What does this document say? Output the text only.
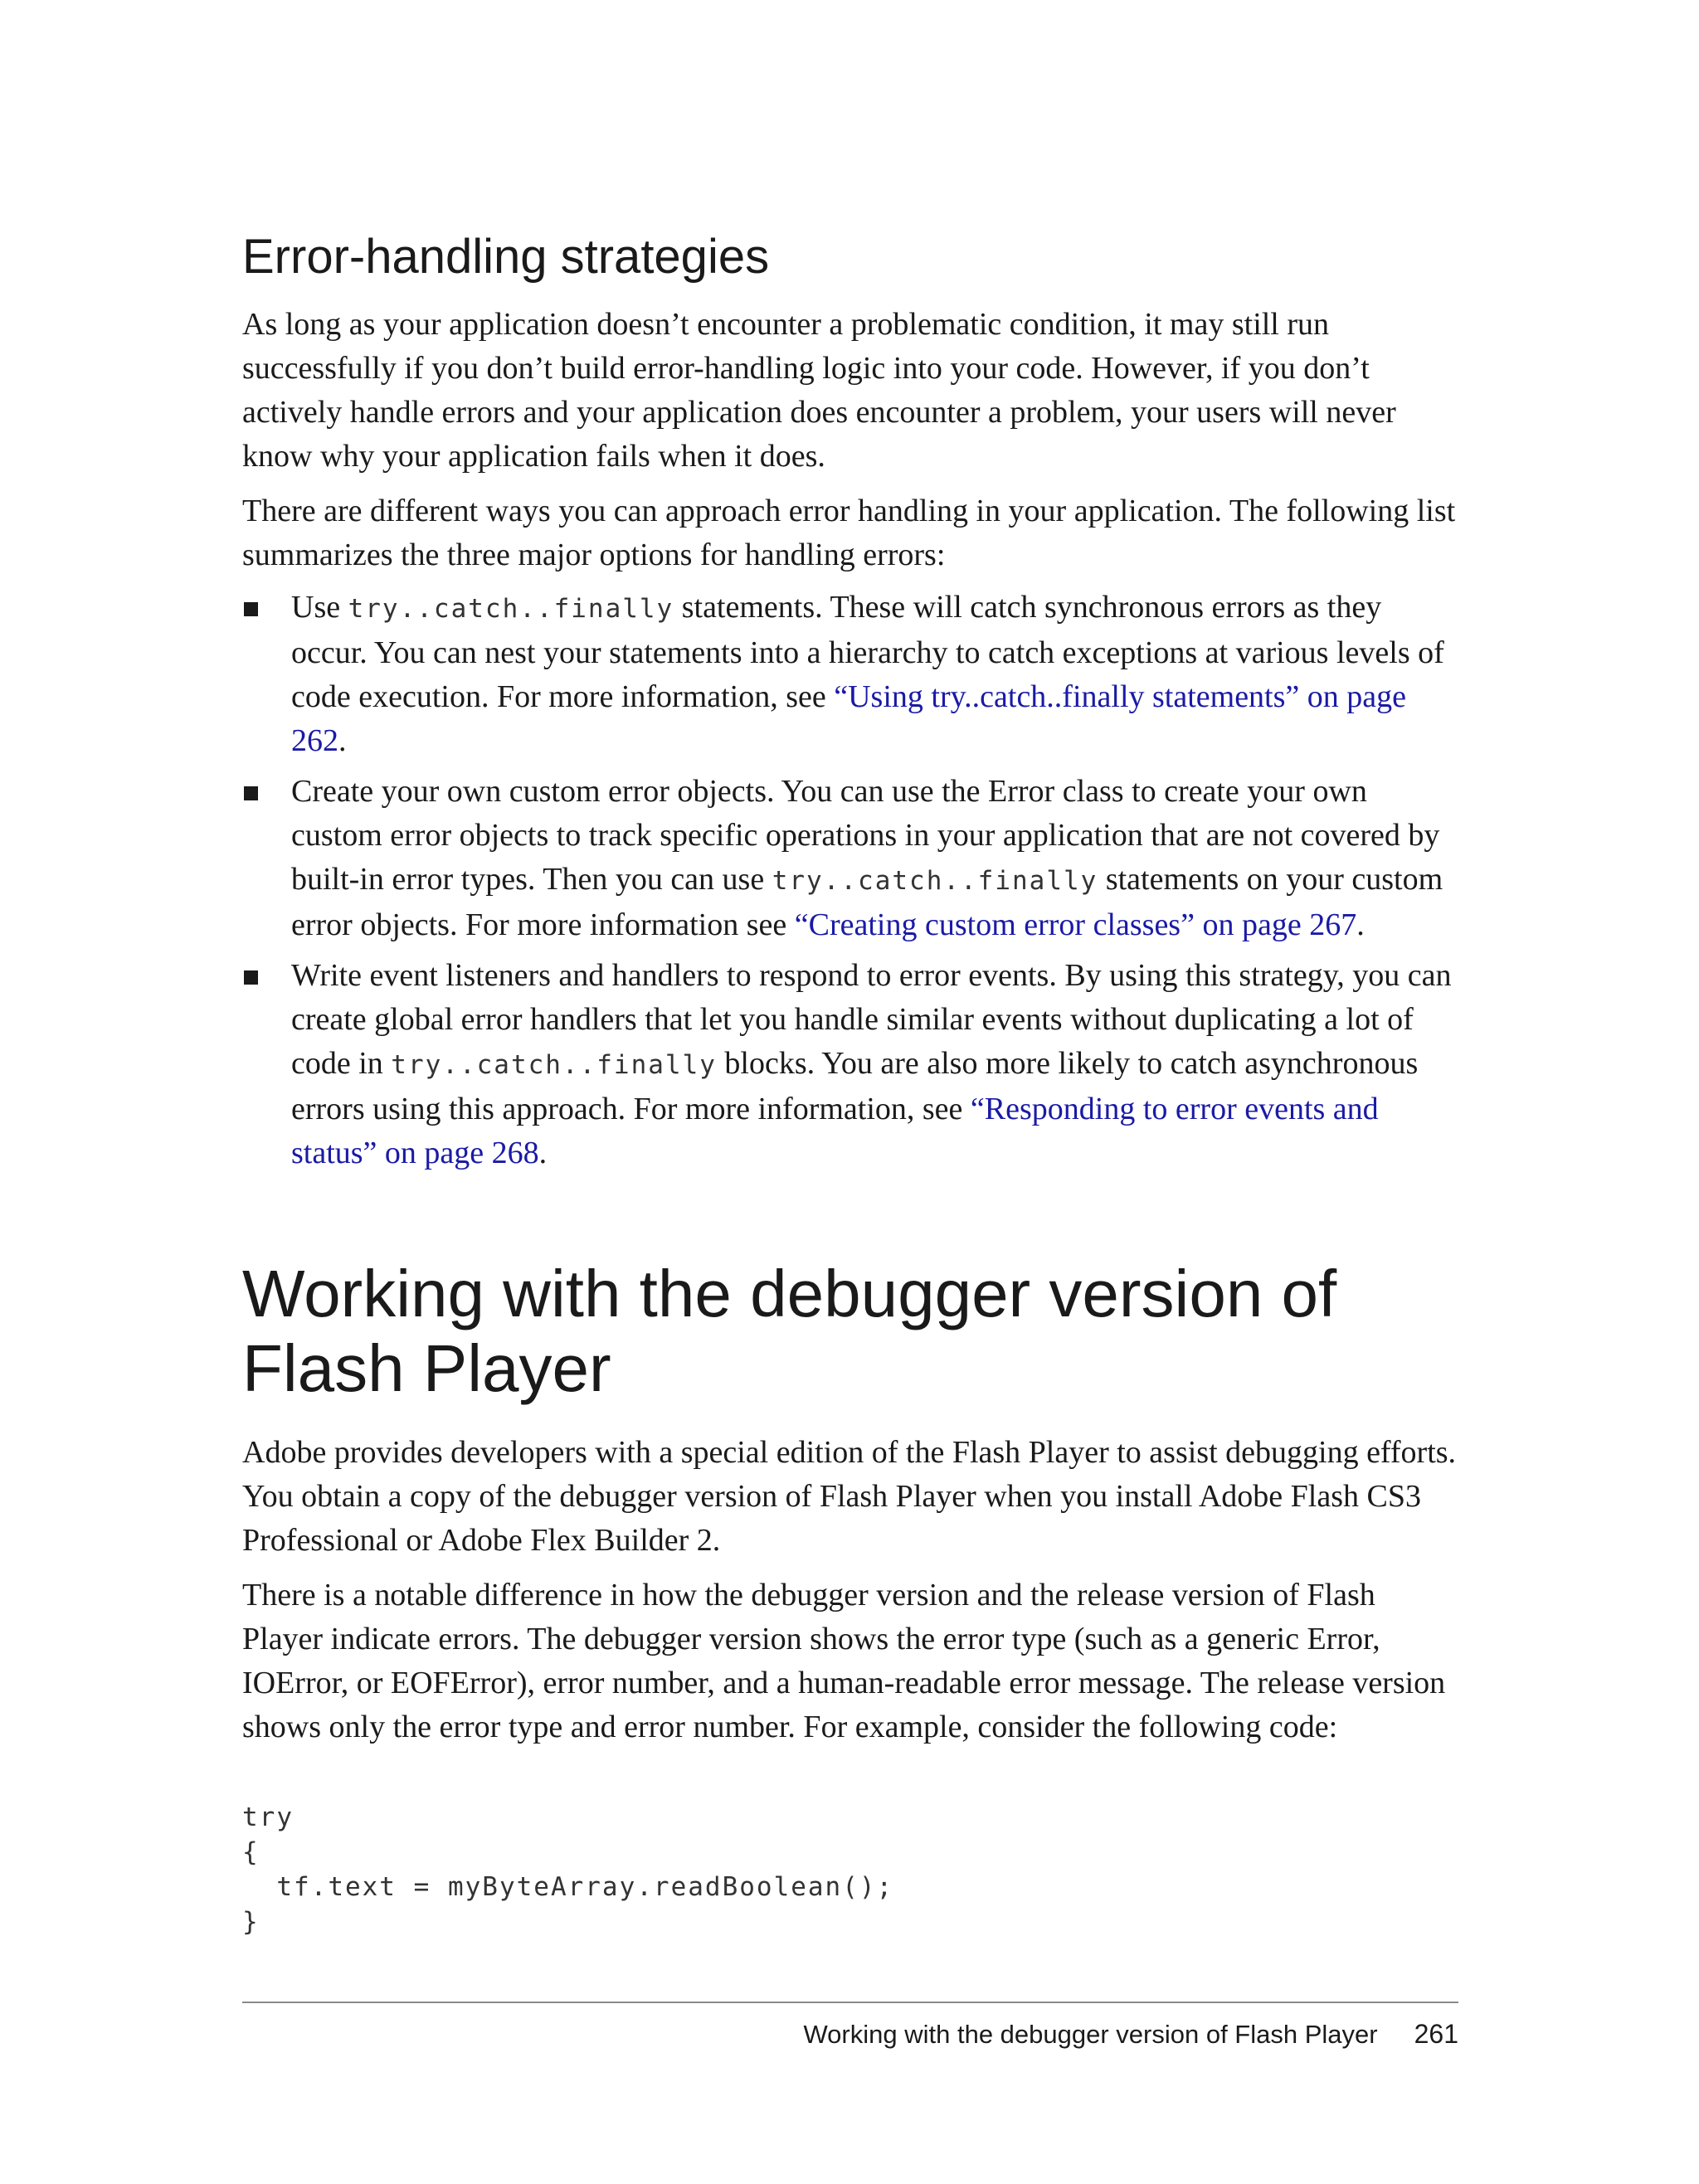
Error-handling strategies

As long as your application doesn’t encounter a problematic condition, it may still run successfully if you don’t build error-handling logic into your code. However, if you don’t actively handle errors and your application does encounter a problem, your users will never know why your application fails when it does.

There are different ways you can approach error handling in your application. The following list summarizes the three major options for handling errors:

Use try..catch..finally statements. These will catch synchronous errors as they occur. You can nest your statements into a hierarchy to catch exceptions at various levels of code execution. For more information, see “Using try..catch..finally statements” on page 262.
Create your own custom error objects. You can use the Error class to create your own custom error objects to track specific operations in your application that are not covered by built-in error types. Then you can use try..catch..finally statements on your custom error objects. For more information see “Creating custom error classes” on page 267.
Write event listeners and handlers to respond to error events. By using this strategy, you can create global error handlers that let you handle similar events without duplicating a lot of code in try..catch..finally blocks. You are also more likely to catch asynchronous errors using this approach. For more information, see “Responding to error events and status” on page 268.
Working with the debugger version of Flash Player

Adobe provides developers with a special edition of the Flash Player to assist debugging efforts. You obtain a copy of the debugger version of Flash Player when you install Adobe Flash CS3 Professional or Adobe Flex Builder 2.

There is a notable difference in how the debugger version and the release version of Flash Player indicate errors. The debugger version shows the error type (such as a generic Error, IOError, or EOFError), error number, and a human-readable error message. The release version shows only the error type and error number. For example, consider the following code:

try
{
tf.text = myByteArray.readBoolean();
}
Working with the debugger version of Flash Player 261
